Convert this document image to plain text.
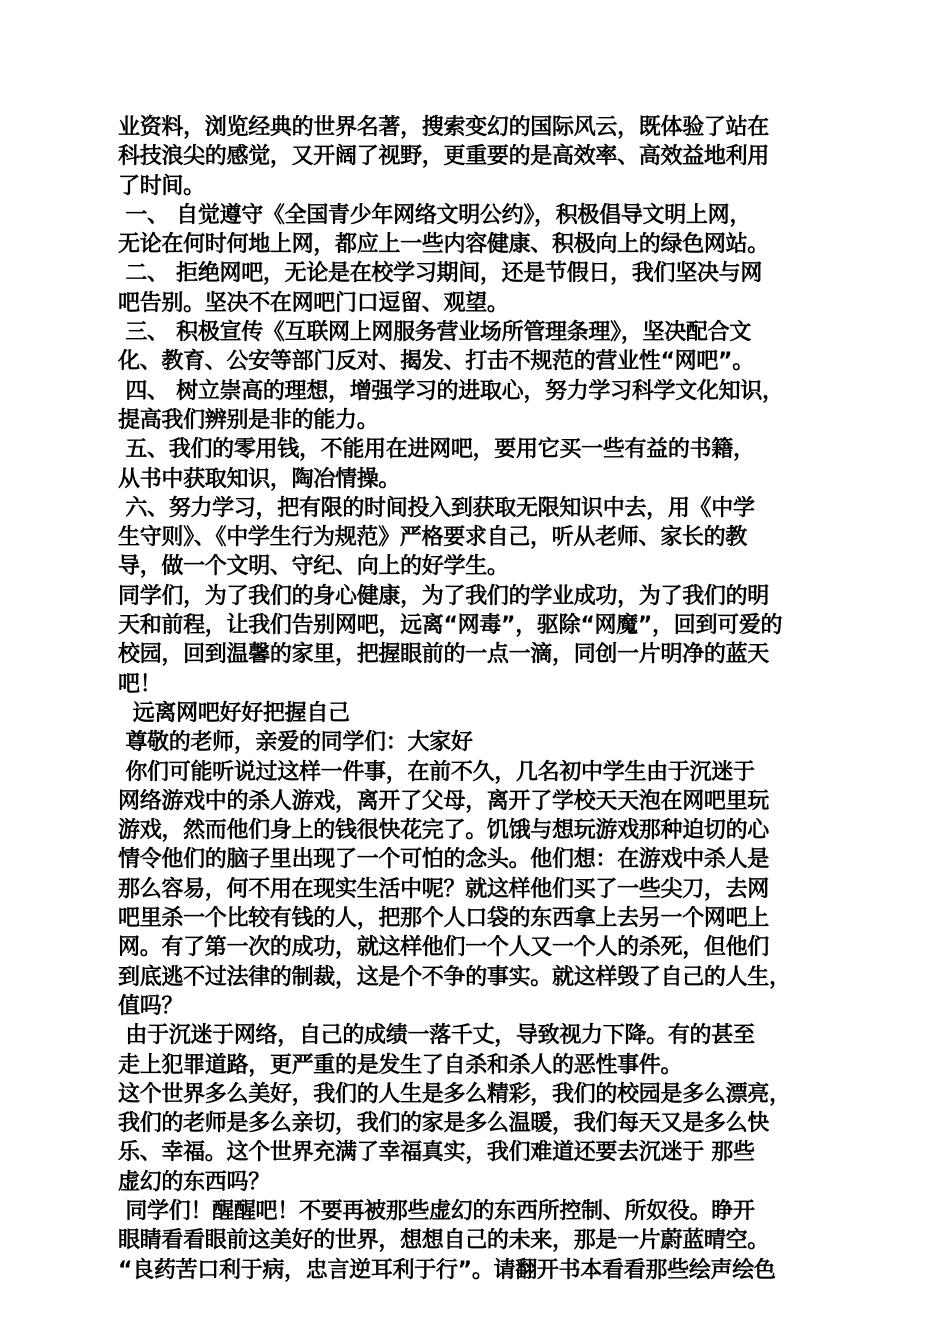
业资料，浏览经典的世界名著，搜索变幻的国际风云，既体验了站在
科技浪尖的感觉，又开阔了视野，更重要的是高效率、高效益地利用
了时间。
一、 自觉遵守《全国青少年网络文明公约》，积极倡导文明上网，
无论在何时何地上网，都应上一些内容健康、积极向上的绿色网站。
二、 拒绝网吧，无论是在校学习期间，还是节假日，我们坚决与网
吧告别。坚决不在网吧门口逗留、观望。
三、 积极宣传《互联网上网服务营业场所管理条理》，坚决配合文
化、教育、公安等部门反对、揭发、打击不规范的营业性“网吧”。
四、 树立崇高的理想，增强学习的进取心，努力学习科学文化知识，
提高我们辨别是非的能力。
五、我们的零用钱，不能用在进网吧，要用它买一些有益的书籍，
从书中获取知识，陶冶情操。
六、努力学习，把有限的时间投入到获取无限知识中去，用《中学
生守则》、《中学生行为规范》严格要求自己，听从老师、家长的教
导，做一个文明、守纪、向上的好学生。
同学们，为了我们的身心健康，为了我们的学业成功，为了我们的明
天和前程，让我们告别网吧，远离“网毒”，驱除“网魔”，回到可爱的
校园，回到温馨的家里，把握眼前的一点一滴，同创一片明净的蓝天
吧！
远离网吧好好把握自己
尊敬的老师，亲爱的同学们：大家好
你们可能听说过这样一件事，在前不久，几名初中学生由于沉迷于
网络游戏中的杀人游戏，离开了父母，离开了学校天天泡在网吧里玩
游戏，然而他们身上的钱很快花完了。饥饿与想玩游戏那种迫切的心
情令他们的脑子里出现了一个可怕的念头。他们想：在游戏中杀人是
那么容易，何不用在现实生活中呢？就这样他们买了一些尖刀，去网
吧里杀一个比较有钱的人，把那个人口袋的东西拿上去另一个网吧上
网。有了第一次的成功，就这样他们一个人又一个人的杀死，但他们
到底逃不过法律的制裁，这是个不争的事实。就这样毁了自己的人生，
值吗？
由于沉迷于网络，自己的成绩一落千丈，导致视力下降。有的甚至
走上犯罪道路，更严重的是发生了自杀和杀人的恶性事件。
这个世界多么美好，我们的人生是多么精彩，我们的校园是多么漂亮，
我们的老师是多么亲切，我们的家是多么温暖，我们每天又是多么快
乐、幸福。这个世界充满了幸福真实，我们难道还要去沉迷于 那些
虚幻的东西吗？
同学们！醒醒吧！不要再被那些虚幻的东西所控制、所奴役。睁开
眼睛看看眼前这美好的世界，想想自己的未来，那是一片蔚蓝晴空。
“良药苦口利于病，忠言逆耳利于行”。请翻开书本看看那些绘声绘色
